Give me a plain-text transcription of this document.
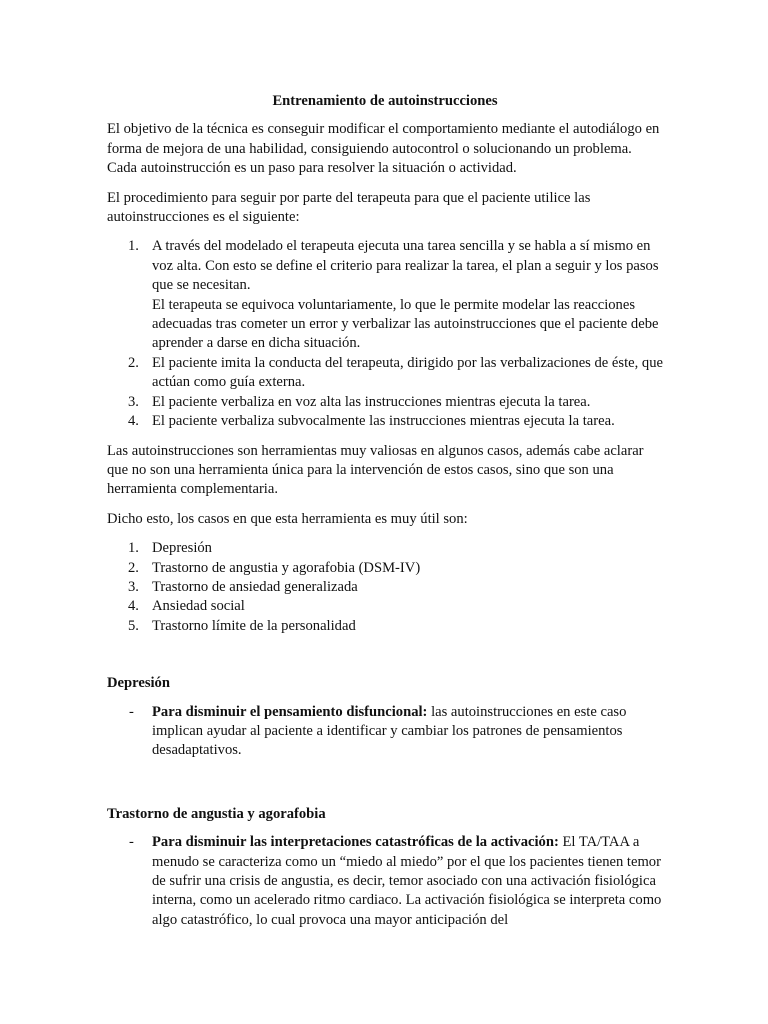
Entrenamiento de autoinstrucciones

El objetivo de la técnica es conseguir modificar el comportamiento mediante el autodiálogo en forma de mejora de una habilidad, consiguiendo autocontrol o solucionando un problema. Cada autoinstrucción es un paso para resolver la situación o actividad.

El procedimiento para seguir por parte del terapeuta para que el paciente utilice las autoinstrucciones es el siguiente:

1. A través del modelado el terapeuta ejecuta una tarea sencilla y se habla a sí mismo en voz alta. Con esto se define el criterio para realizar la tarea, el plan a seguir y los pasos que se necesitan.
El terapeuta se equivoca voluntariamente, lo que le permite modelar las reacciones adecuadas tras cometer un error y verbalizar las autoinstrucciones que el paciente debe aprender a darse en dicha situación.
2. El paciente imita la conducta del terapeuta, dirigido por las verbalizaciones de éste, que actúan como guía externa.
3. El paciente verbaliza en voz alta las instrucciones mientras ejecuta la tarea.
4. El paciente verbaliza subvocalmente las instrucciones mientras ejecuta la tarea.

Las autoinstrucciones son herramientas muy valiosas en algunos casos, además cabe aclarar que no son una herramienta única para la intervención de estos casos, sino que son una herramienta complementaria.

Dicho esto, los casos en que esta herramienta es muy útil son:

1. Depresión
2. Trastorno de angustia y agorafobia (DSM-IV)
3. Trastorno de ansiedad generalizada
4. Ansiedad social
5. Trastorno límite de la personalidad
Depresión
- Para disminuir el pensamiento disfuncional: las autoinstrucciones en este caso implican ayudar al paciente a identificar y cambiar los patrones de pensamientos desadaptativos.
Trastorno de angustia y agorafobia
- Para disminuir las interpretaciones catastróficas de la activación: El TA/TAA a menudo se caracteriza como un “miedo al miedo” por el que los pacientes tienen temor de sufrir una crisis de angustia, es decir, temor asociado con una activación fisiológica interna, como un acelerado ritmo cardiaco. La activación fisiológica se interpreta como algo catastrófico, lo cual provoca una mayor anticipación del
